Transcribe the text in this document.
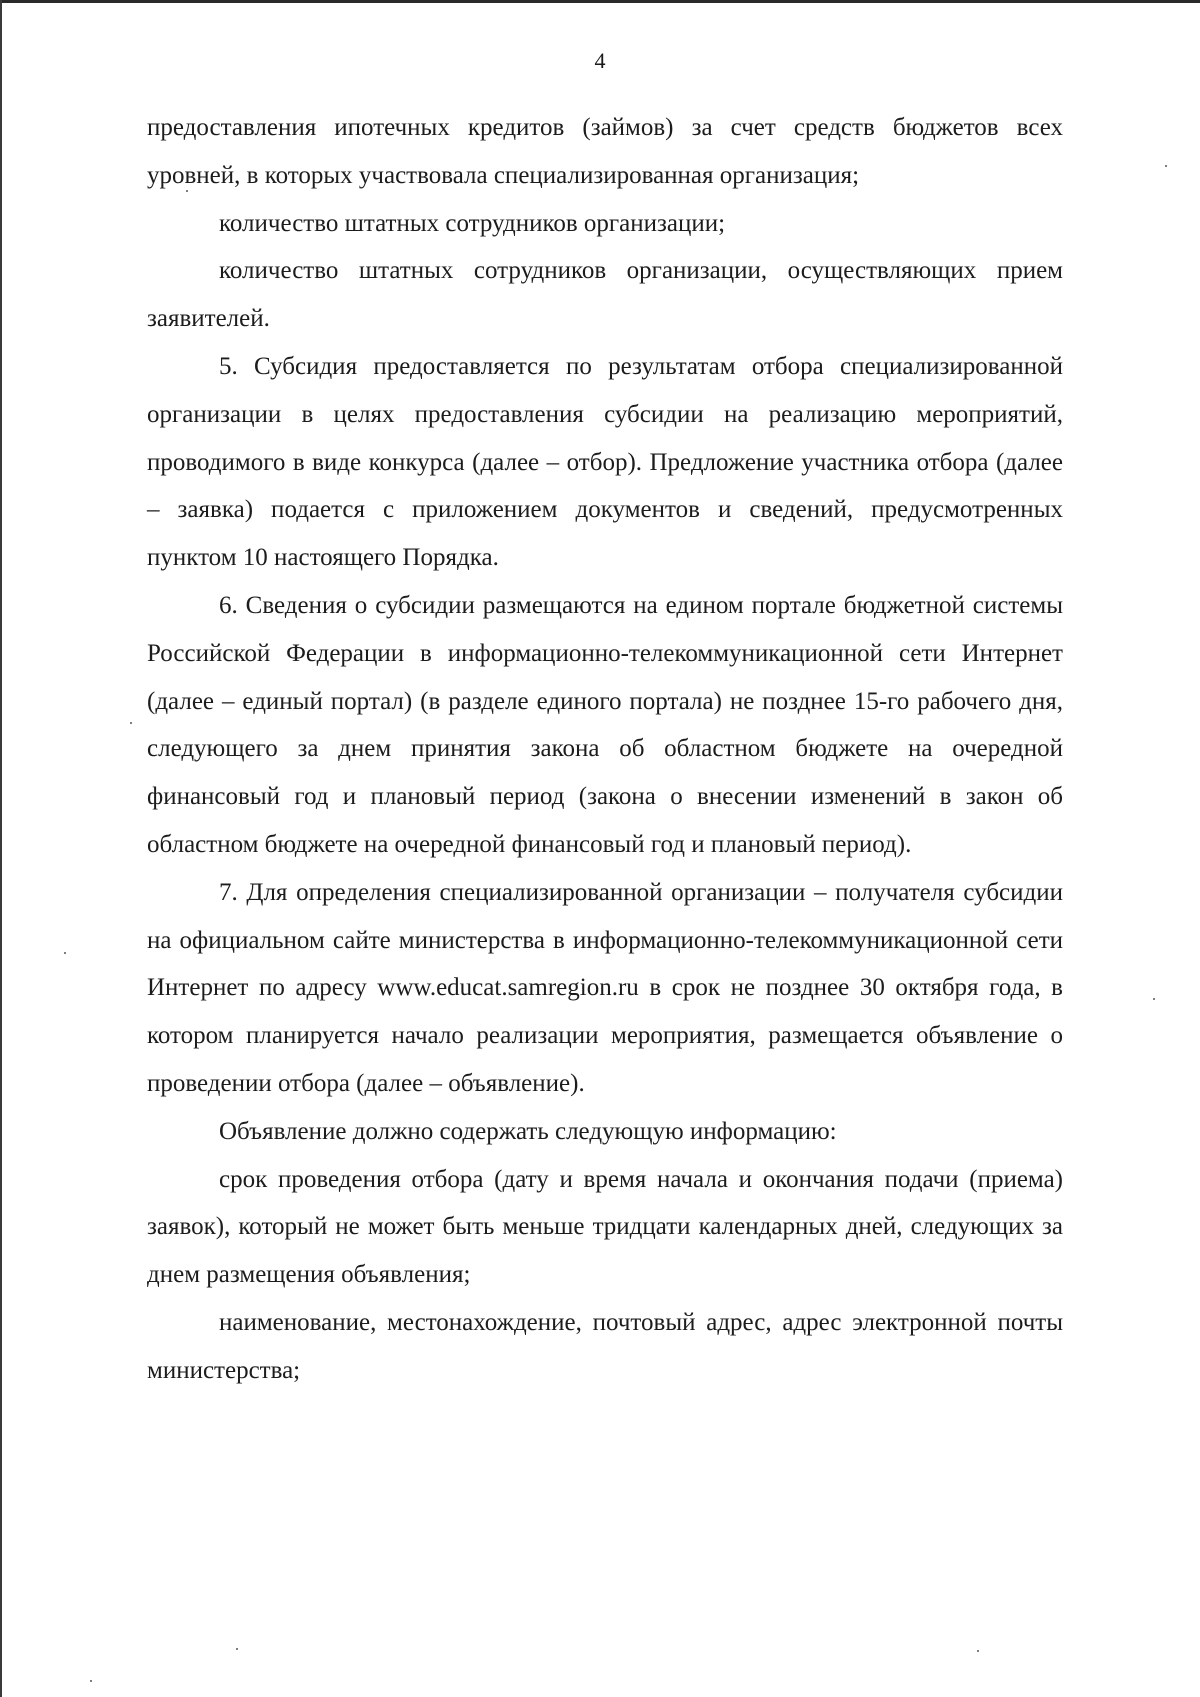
4

предоставления ипотечных кредитов (займов) за счет средств бюджетов всех уровней, в которых участвовала специализированная организация;

количество штатных сотрудников организации;

количество штатных сотрудников организации, осуществляющих прием заявителей.

5. Субсидия предоставляется по результатам отбора специализированной организации в целях предоставления субсидии на реализацию мероприятий, проводимого в виде конкурса (далее – отбор). Предложение участника отбора (далее – заявка) подается с приложением документов и сведений, предусмотренных пунктом 10 настоящего Порядка.

6. Сведения о субсидии размещаются на едином портале бюджетной системы Российской Федерации в информационно-телекоммуникационной сети Интернет (далее – единый портал) (в разделе единого портала) не позднее 15-го рабочего дня, следующего за днем принятия закона об областном бюджете на очередной финансовый год и плановый период (закона о внесении изменений в закон об областном бюджете на очередной финансовый год и плановый период).

7. Для определения специализированной организации – получателя субсидии на официальном сайте министерства в информационно-телекоммуникационной сети Интернет по адресу www.educat.samregion.ru в срок не позднее 30 октября года, в котором планируется начало реализации мероприятия, размещается объявление о проведении отбора (далее – объявление).

Объявление должно содержать следующую информацию:

срок проведения отбора (дату и время начала и окончания подачи (приема) заявок), который не может быть меньше тридцати календарных дней, следующих за днем размещения объявления;

наименование, местонахождение, почтовый адрес, адрес электронной почты министерства;
